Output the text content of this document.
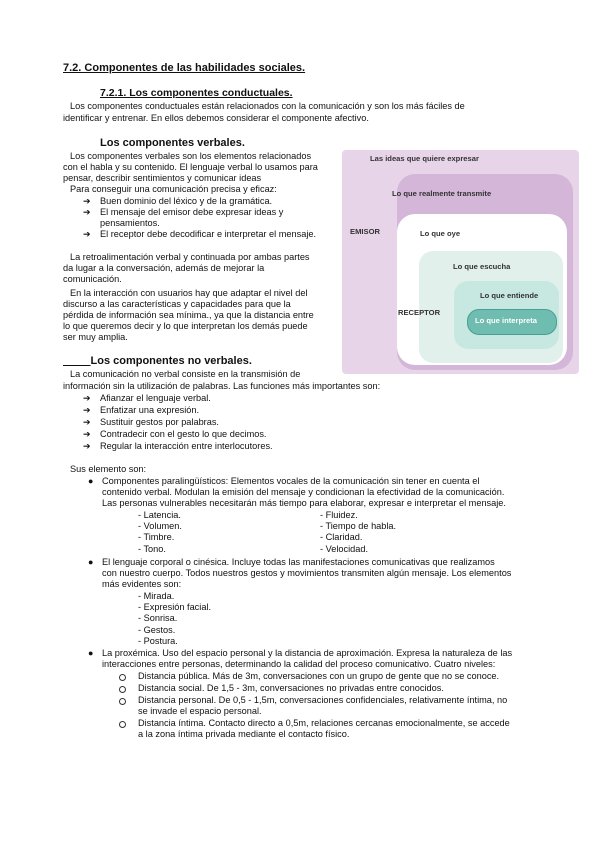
7.2. Componentes de las habilidades sociales.
7.2.1. Los componentes conductuales.
Los componentes conductuales están relacionados con la comunicación y son los más fáciles de
identificar y entrenar. En ellos debemos considerar el componente afectivo.
Los componentes verbales.
Los componentes verbales son los elementos relacionados
con el habla y su contenido. El lenguaje verbal lo usamos para
pensar, describir sentimientos y comunicar ideas
Para conseguir una comunicación precisa y eficaz:
➔ Buen dominio del léxico y de la gramática.
➔ El mensaje del emisor debe expresar ideas y
pensamientos.
➔ El receptor debe decodificar e interpretar el mensaje.
La retroalimentación verbal y continuada por ambas partes
da lugar a la conversación, además de mejorar la
comunicación.
En la interacción con usuarios hay que adaptar el nivel del
discurso a las características y capacidades para que la
pérdida de información sea mínima., ya que la distancia entre
lo que queremos decir y lo que interpretan los demás puede
ser muy amplia.
Las ideas que quiere expresar
Lo que realmente transmite
EMISOR	Lo que oye
Lo que escucha
RECEPTOR
Lo que entiende
Lo que interpreta
Los componentes no verbales.
La comunicación no verbal consiste en la transmisión de
información sin la utilización de palabras. Las funciones más importantes son:
➔ Afianzar el lenguaje verbal.
➔ Enfatizar una expresión.
➔ Sustituir gestos por palabras.
➔ Contradecir con el gesto lo que decimos.
➔ Regular la interacción entre interlocutores.
Sus elemento son:
● Componentes paralingüísticos: Elementos vocales de la comunicación sin tener en cuenta el
contenido verbal. Modulan la emisión del mensaje y condicionan la efectividad de la comunicación.
Las personas vulnerables necesitarán más tiempo para elaborar, expresar e interpretar el mensaje.
- Latencia.
- Volumen.
- Timbre.
- Tono.
- Fluidez.
- Tiempo de habla.
- Claridad.
- Velocidad.
● El lenguaje corporal o cinésica. Incluye todas las manifestaciones comunicativas que realizamos
con nuestro cuerpo. Todos nuestros gestos y movimientos transmiten algún mensaje. Los elementos
más evidentes son:
- Mirada.
- Expresión facial.
- Sonrisa.
- Gestos.
- Postura.
● La proxémica. Uso del espacio personal y la distancia de aproximación. Expresa la naturaleza de las
interacciones entre personas, determinando la calidad del proceso comunicativo. Cuatro niveles:
Distancia pública. Más de 3m, conversaciones con un grupo de gente que no se conoce.
Distancia social. De 1,5 - 3m, conversaciones no privadas entre conocidos.
Distancia personal. De 0,5 - 1,5m, conversaciones confidenciales, relativamente íntima, no
se invade el espacio personal.
Distancia íntima. Contacto directo a 0,5m, relaciones cercanas emocionalmente, se accede
a la zona íntima privada mediante el contacto físico.
